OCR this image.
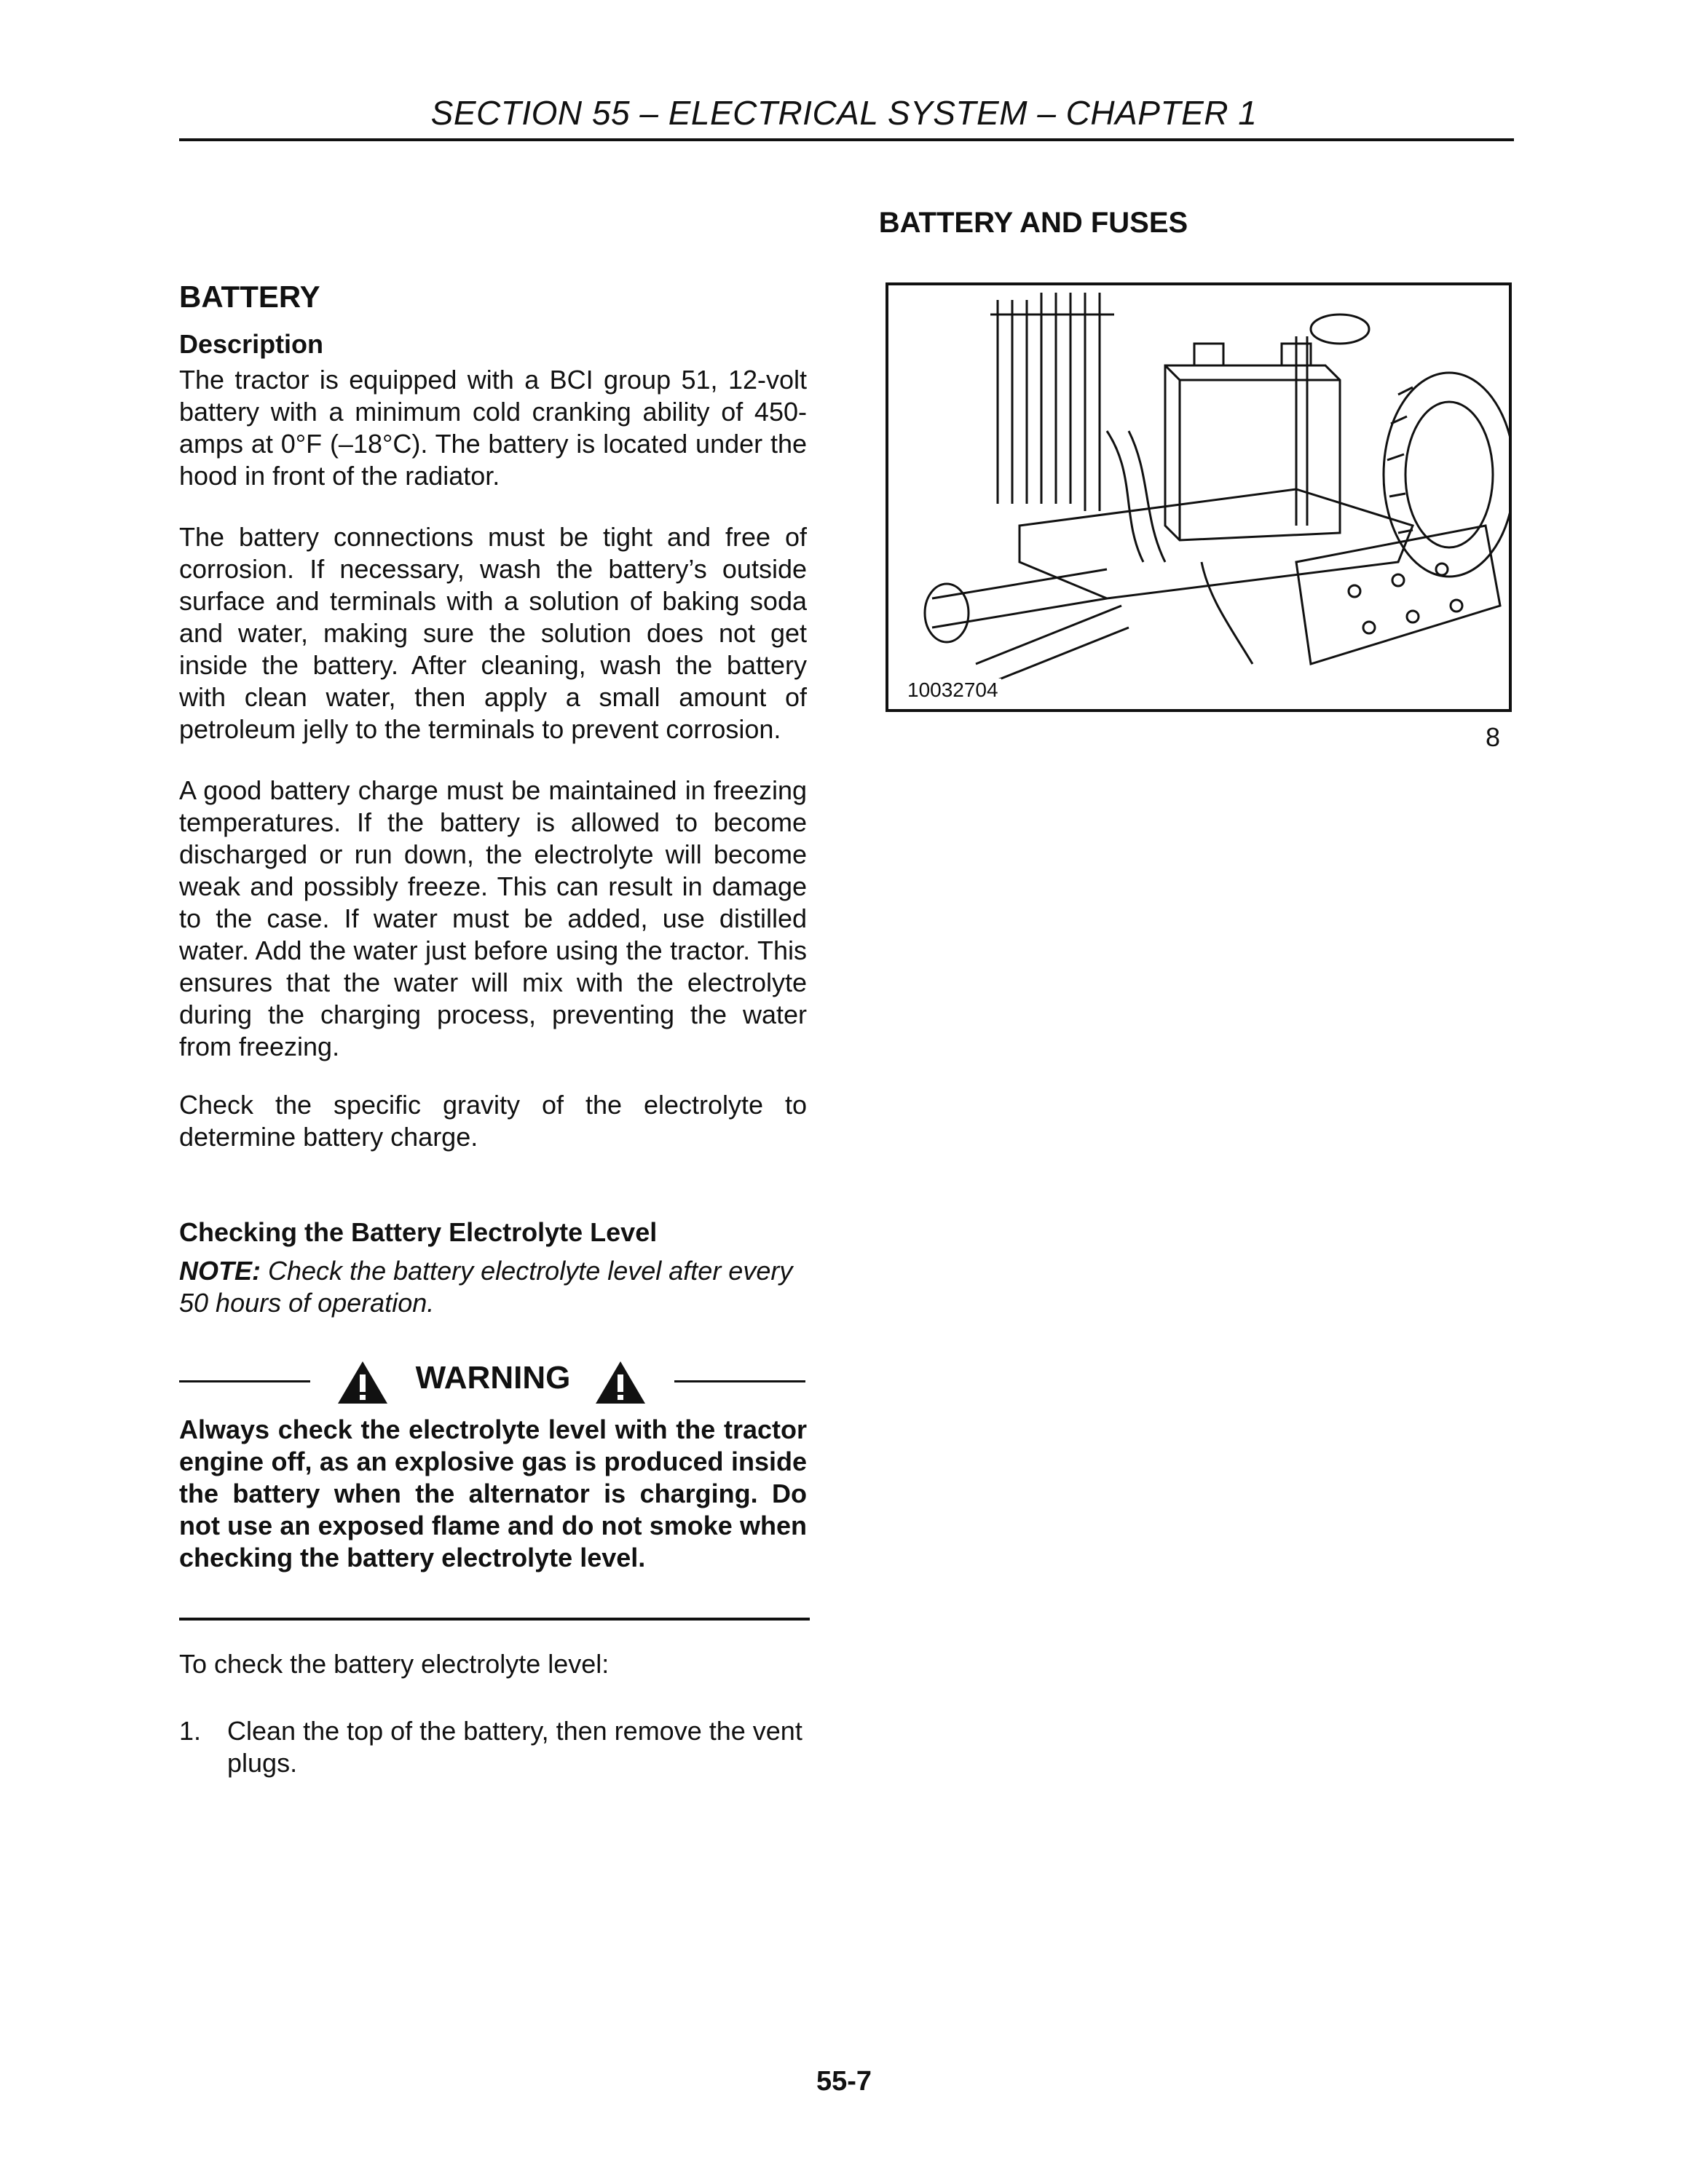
SECTION 55 – ELECTRICAL SYSTEM – CHAPTER 1
BATTERY AND FUSES
BATTERY
Description
The tractor is equipped with a BCI group 51, 12-volt battery with a minimum cold cranking ability of 450-amps at 0°F (–18°C). The battery is located under the hood in front of the radiator.
The battery connections must be tight and free of corrosion. If necessary, wash the battery’s outside surface and terminals with a solution of baking soda and water, making sure the solution does not get inside the battery. After cleaning, wash the battery with clean water, then apply a small amount of petroleum jelly to the terminals to prevent corrosion.
A good battery charge must be maintained in freezing temperatures. If the battery is allowed to become discharged or run down, the electrolyte will become weak and possibly freeze. This can result in damage to the case. If water must be added, use distilled water. Add the water just before using the tractor. This ensures that the water will mix with the electrolyte during the charging process, preventing the water from freezing.
Check the specific gravity of the electrolyte to determine battery charge.
Checking the Battery Electrolyte Level
NOTE: Check the battery electrolyte level after every 50 hours of operation.
WARNING
Always check the electrolyte level with the tractor engine off, as an explosive gas is produced inside the battery when the alternator is charging. Do not use an exposed flame and do not smoke when checking the battery electrolyte level.
To check the battery electrolyte level:
1. Clean the top of the battery, then remove the vent plugs.
10032704
8
55-7
